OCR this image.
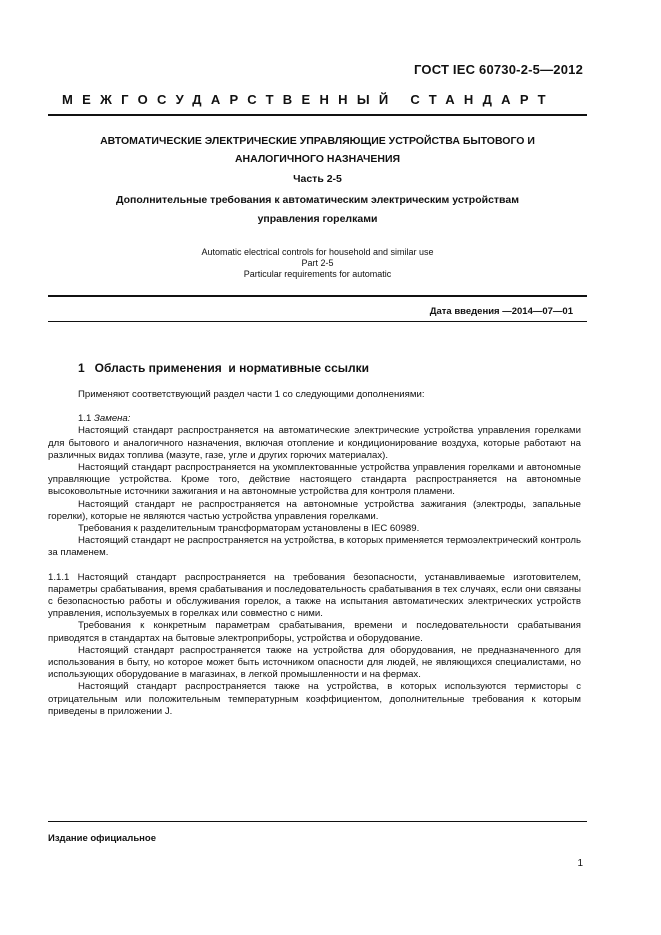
ГОСТ IEC 60730-2-5—2012
МЕЖГОСУДАРСТВЕННЫЙ СТАНДАРТ
АВТОМАТИЧЕСКИЕ ЭЛЕКТРИЧЕСКИЕ УПРАВЛЯЮЩИЕ УСТРОЙСТВА БЫТОВОГО И
АНАЛОГИЧНОГО НАЗНАЧЕНИЯ
Часть 2-5
Дополнительные требования к автоматическим электрическим устройствам
управления горелками
Automatic electrical controls for household and similar use
Part 2-5
Particular requirements for automatic
Дата введения —2014—07—01
1   Область применения  и нормативные ссылки

Применяют соответствующий раздел части 1 со следующими дополнениями:

1.1 Замена:

Настоящий стандарт распространяется на автоматические электрические устройства управления горелками для бытового и аналогичного назначения, включая отопление и кондиционирование воздуха, которые работают на различных видах топлива (мазуте, газе, угле и других горючих материалах).

Настоящий стандарт распространяется на укомплектованные устройства управления горелками и автономные управляющие устройства. Кроме того, действие настоящего стандарта распространяется на автономные высоковольтные источники зажигания и на автономные устройства для контроля пламени.

Настоящий стандарт не распространяется на автономные устройства зажигания (электроды, запальные горелки), которые не являются частью устройства управления горелками.

Требования к разделительным трансформаторам установлены в IEC 60989.

Настоящий стандарт не распространяется на устройства, в которых применяется термоэлектрический контроль за пламенем.

1.1.1 Настоящий стандарт распространяется на требования безопасности, устанавливаемые изготовителем, параметры срабатывания, время срабатывания и последовательность срабатывания в тех случаях, если они связаны с безопасностью работы и обслуживания горелок, а также на испытания автоматических электрических устройств управления, используемых в горелках или совместно с ними.

Требования к конкретным параметрам срабатывания, времени и последовательности срабатывания приводятся в стандартах на бытовые электроприборы, устройства и оборудование.

Настоящий стандарт распространяется также на устройства для оборудования, не предназначенного для использования в быту, но которое может быть источником опасности для людей, не являющихся специалистами, но использующих оборудование в магазинах, в легкой промышленности и на фермах.

Настоящий стандарт распространяется также на устройства, в которых используются термисторы с отрицательным или положительным температурным коэффициентом, дополнительные требования к которым приведены в приложении J.

Издание официальное
1
